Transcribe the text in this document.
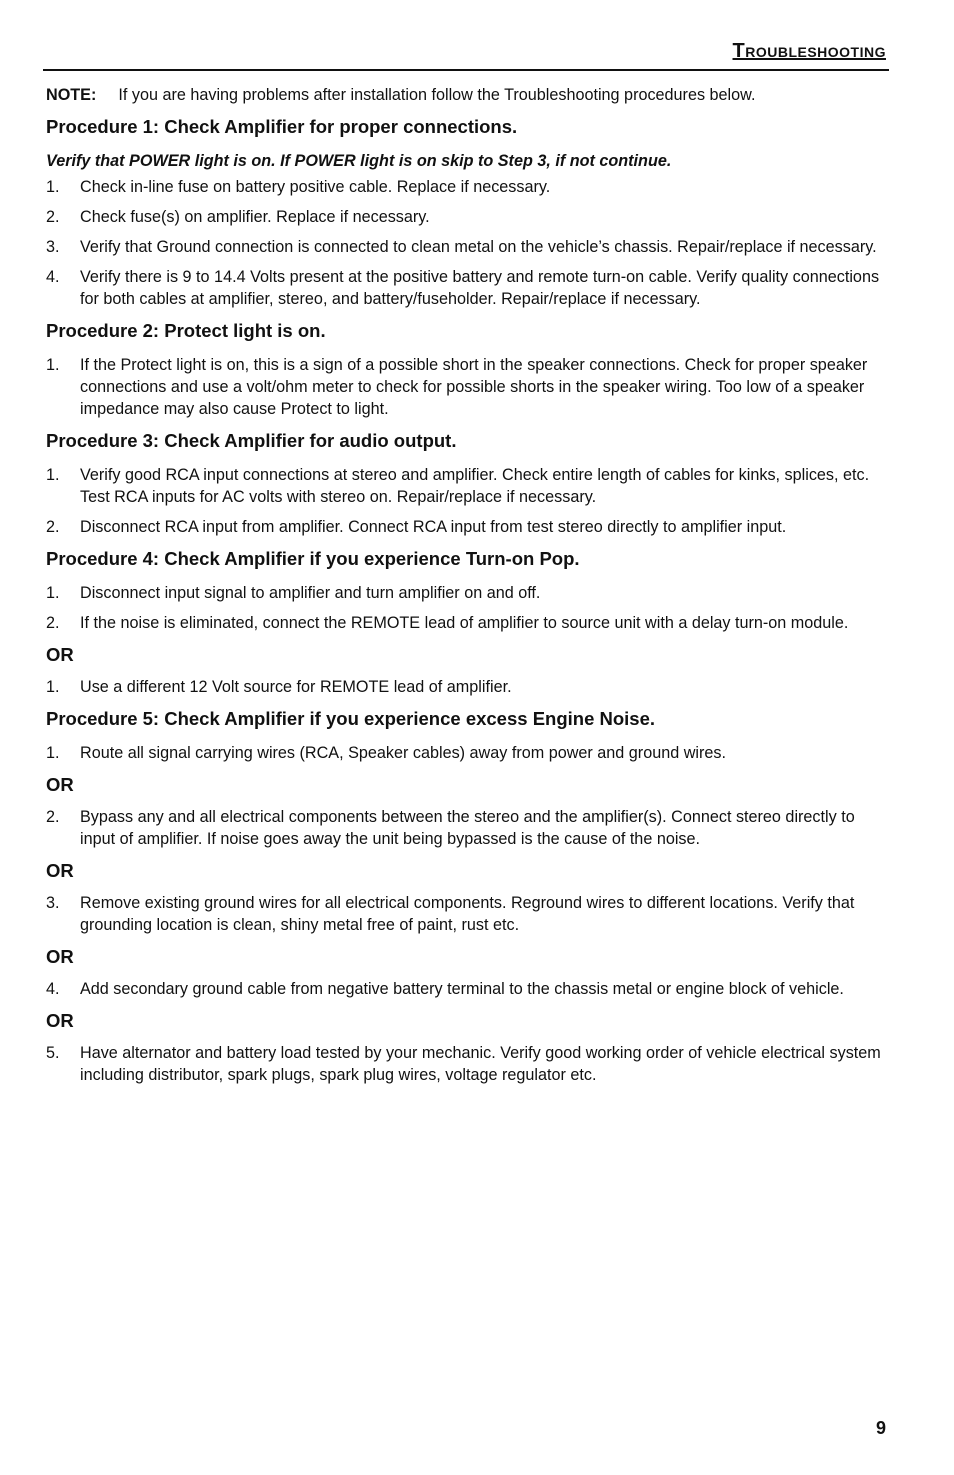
Troubleshooting

NOTE: If you are having problems after installation follow the Troubleshooting procedures below.

Procedure 1: Check Amplifier for proper connections.

Verify that POWER light is on. If POWER light is on skip to Step 3, if not continue.

1. Check in-line fuse on battery positive cable. Replace if necessary.
2. Check fuse(s) on amplifier. Replace if necessary.
3. Verify that Ground connection is connected to clean metal on the vehicle’s chassis. Repair/replace if necessary.
4. Verify there is 9 to 14.4 Volts present at the positive battery and remote turn-on cable. Verify quality connections for both cables at amplifier, stereo, and battery/fuseholder. Repair/replace if necessary.
Procedure 2: Protect light is on.
1. If the Protect light is on, this is a sign of a possible short in the speaker connections. Check for proper speaker connections and use a volt/ohm meter to check for possible shorts in the speaker wiring. Too low of a speaker impedance may also cause Protect to light.
Procedure 3: Check Amplifier for audio output.
1. Verify good RCA input connections at stereo and amplifier. Check entire length of cables for kinks, splices, etc. Test RCA inputs for AC volts with stereo on. Repair/replace if necessary.
2. Disconnect RCA input from amplifier. Connect RCA input from test stereo directly to amplifier input.
Procedure 4: Check Amplifier if you experience Turn-on Pop.
1. Disconnect input signal to amplifier and turn amplifier on and off.
2. If the noise is eliminated, connect the REMOTE lead of amplifier to source unit with a delay turn-on module.
OR
1. Use a different 12 Volt source for REMOTE lead of amplifier.
Procedure 5: Check Amplifier if you experience excess Engine Noise.
1. Route all signal carrying wires (RCA, Speaker cables) away from power and ground wires.
OR
2. Bypass any and all electrical components between the stereo and the amplifier(s). Connect stereo directly to input of amplifier. If noise goes away the unit being bypassed is the cause of the noise.
OR
3. Remove existing ground wires for all electrical components. Reground wires to different locations. Verify that grounding location is clean, shiny metal free of paint, rust etc.
OR
4. Add secondary ground cable from negative battery terminal to the chassis metal or engine block of vehicle.
OR
5. Have alternator and battery load tested by your mechanic. Verify good working order of vehicle electrical system including distributor, spark plugs, spark plug wires, voltage regulator etc.
9
